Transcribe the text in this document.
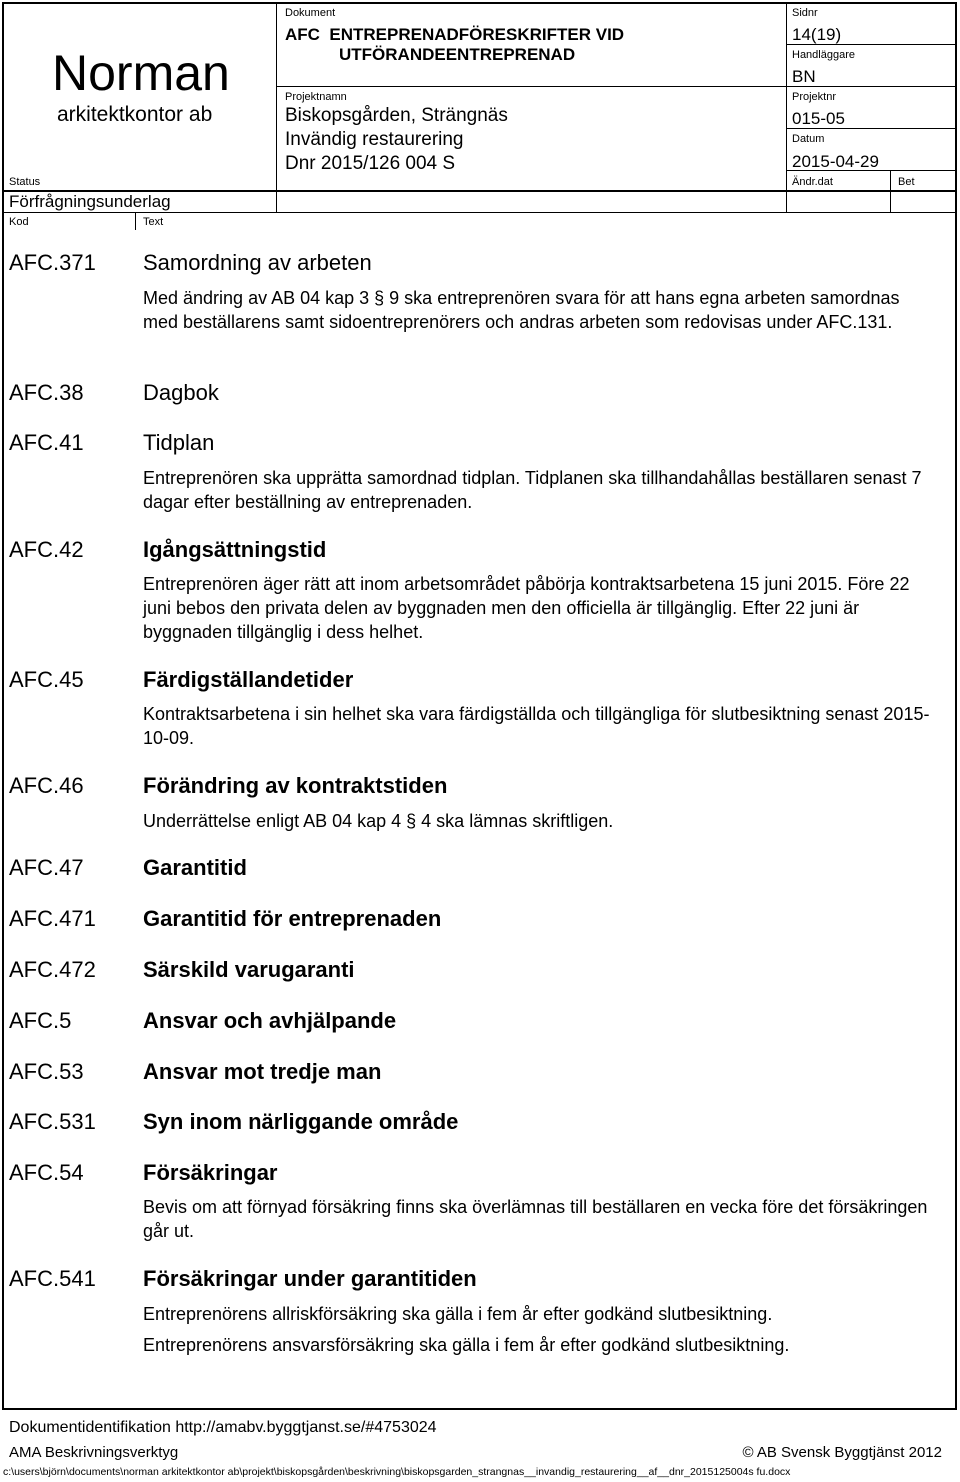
Norman
arkitektkontor ab
Status
Förfrågningsunderlag
Kod	Text
Dokument
AFC  ENTREPRENADFÖRESKRIFTER VID
UTFÖRANDEENTREPRENAD
Projektnamn
Biskopsgården, Strängnäs
Invändig restaurering
Dnr 2015/126 004 S
Sidnr
14(19)
Handläggare
BN
Projektnr
015-05
Datum
2015-04-29
Ändr.dat	Bet
AFC.371 Samordning av arbeten
Med ändring av AB 04 kap 3 § 9 ska entreprenören svara för att hans egna arbeten samordnas med beställarens samt sidoentreprenörers och andras arbeten som redovisas under AFC.131.
AFC.38	Dagbok
AFC.41	Tidplan
Entreprenören ska upprätta samordnad tidplan. Tidplanen ska tillhandahållas beställaren senast 7 dagar efter beställning av entreprenaden.
AFC.42	Igångsättningstid
Entreprenören äger rätt att inom arbetsområdet påbörja kontraktsarbetena 15 juni 2015. Före 22 juni bebos den privata delen av byggnaden men den officiella är tillgänglig. Efter 22 juni är byggnaden tillgänglig i dess helhet.
AFC.45	Färdigställandetider
Kontraktsarbetena i sin helhet ska vara färdigställda och tillgängliga för slutbesiktning senast 2015-10-09.
AFC.46	Förändring av kontraktstiden
Underrättelse enligt AB 04 kap 4 § 4 ska lämnas skriftligen.
AFC.47	Garantitid
AFC.471 Garantitid för entreprenaden
AFC.472 Särskild varugaranti
AFC.5	Ansvar och avhjälpande
AFC.53	Ansvar mot tredje man
AFC.531 Syn inom närliggande område
AFC.54	Försäkringar
Bevis om att förnyad försäkring finns ska överlämnas till beställaren en vecka före det försäkringen går ut.
AFC.541 Försäkringar under garantitiden
Entreprenörens allriskförsäkring ska gälla i fem år efter godkänd slutbesiktning.
Entreprenörens ansvarsförsäkring ska gälla i fem år efter godkänd slutbesiktning.
Dokumentidentifikation http://amabv.byggtjanst.se/#4753024
AMA Beskrivningsverktyg	© AB Svensk Byggtjänst 2012
c:\users\björn\documents\norman arkitektkontor ab\projekt\biskopsgården\beskrivning\biskopsgarden_strangnas__invandig_restaurering__af__dnr_2015125004s fu.docx
